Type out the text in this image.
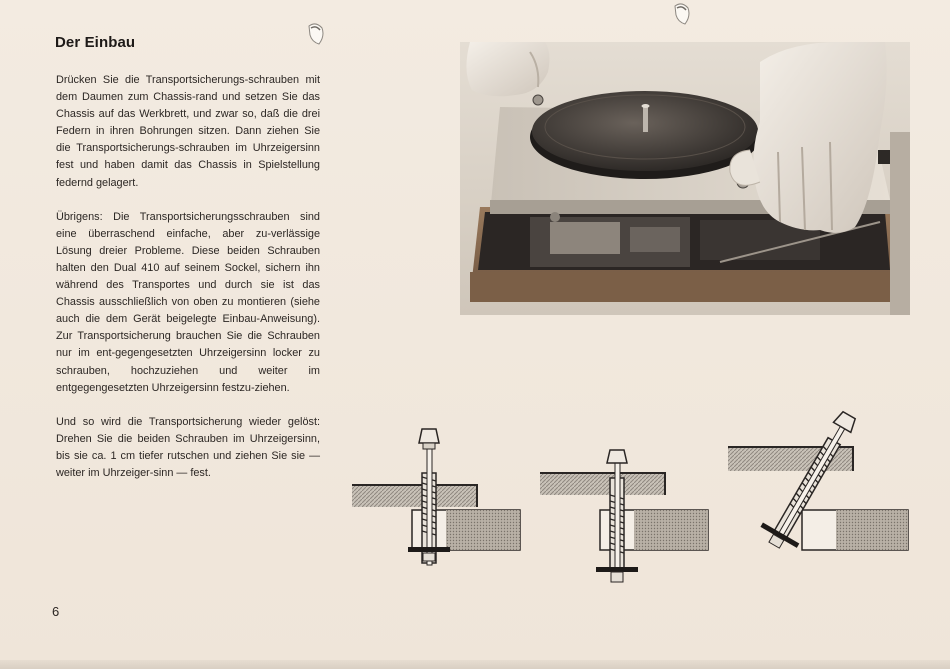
Der Einbau

Drücken Sie die Transportsicherungs-schrauben mit dem Daumen zum Chassis-rand und setzen Sie das Chassis auf das Werkbrett, und zwar so, daß die drei Federn in ihren Bohrungen sitzen. Dann ziehen Sie die Transportsicherungs-schrauben im Uhrzeigersinn fest und haben damit das Chassis in Spielstellung federnd gelagert.

Übrigens: Die Transportsicherungsschrauben sind eine überraschend einfache, aber zu-verlässige Lösung dreier Probleme. Diese beiden Schrauben halten den Dual 410 auf seinem Sockel, sichern ihn während des Transportes und durch sie ist das Chassis ausschließlich von oben zu montieren (siehe auch die dem Gerät beigelegte Einbau-Anweisung). Zur Transportsicherung brauchen Sie die Schrauben nur im ent-gegengesetzten Uhrzeigersinn locker zu schrauben, hochzuziehen und weiter im entgegengesetzten Uhrzeigersinn festzu-ziehen.

Und so wird die Transportsicherung wieder gelöst: Drehen Sie die beiden Schrauben im Uhrzeigersinn, bis sie ca. 1 cm tiefer rutschen und ziehen Sie sie — weiter im Uhrzeiger-sinn — fest.

6
